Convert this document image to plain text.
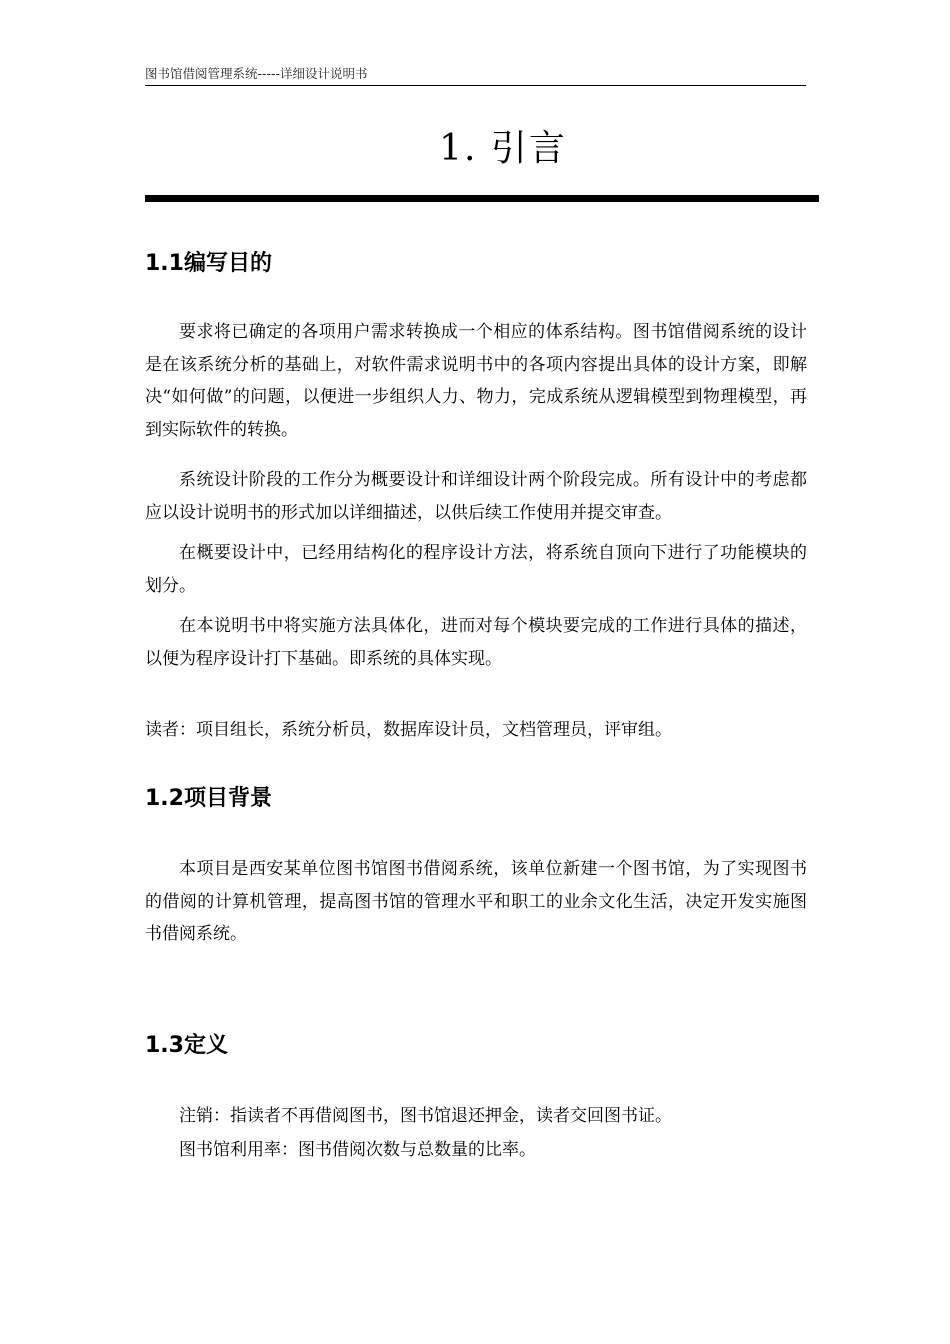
图书馆借阅管理系统-----详细设计说明书
1. 引言
1.1编写目的

要求将已确定的各项用户需求转换成一个相应的体系结构。图书馆借阅系统的设计是在该系统分析的基础上，对软件需求说明书中的各项内容提出具体的设计方案，即解决“如何做”的问题，以便进一步组织人力、物力，完成系统从逻辑模型到物理模型，再到实际软件的转换。

系统设计阶段的工作分为概要设计和详细设计两个阶段完成。所有设计中的考虑都应以设计说明书的形式加以详细描述，以供后续工作使用并提交审查。

在概要设计中，已经用结构化的程序设计方法，将系统自顶向下进行了功能模块的划分。

在本说明书中将实施方法具体化，进而对每个模块要完成的工作进行具体的描述，以便为程序设计打下基础。即系统的具体实现。

读者：项目组长，系统分析员，数据库设计员，文档管理员，评审组。

1.2项目背景

本项目是西安某单位图书馆图书借阅系统，该单位新建一个图书馆，为了实现图书的借阅的计算机管理，提高图书馆的管理水平和职工的业余文化生活，决定开发实施图书借阅系统。

1.3定义

注销：指读者不再借阅图书，图书馆退还押金，读者交回图书证。

图书馆利用率：图书借阅次数与总数量的比率。
